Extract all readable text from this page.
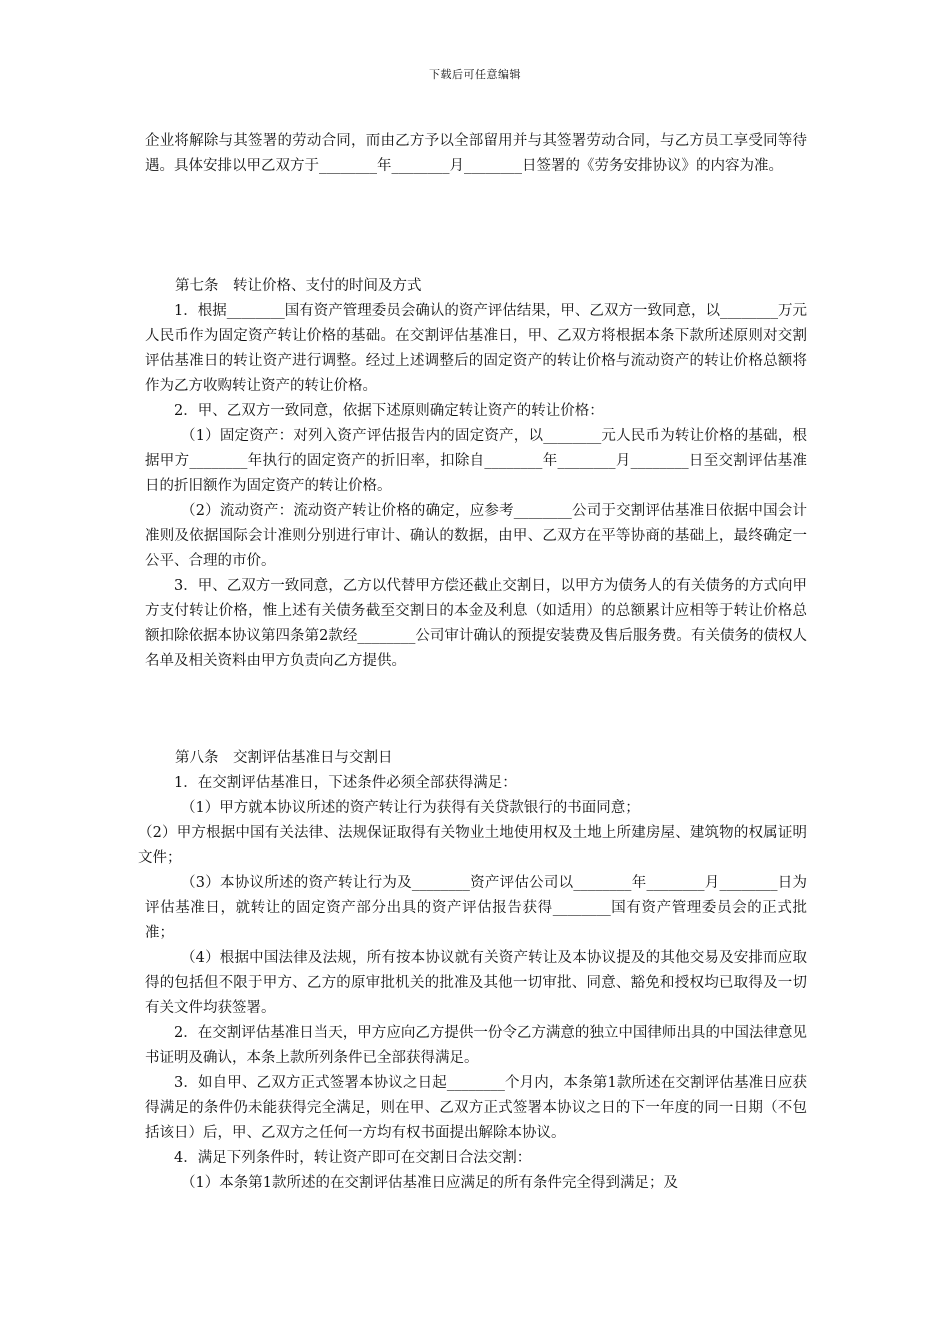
下载后可任意编辑

企业将解除与其签署的劳动合同，而由乙方予以全部留用并与其签署劳动合同，与乙方员工享受同等待遇。具体安排以甲乙双方于________年________月________日签署的《劳务安排协议》的内容为准。

第七条　转让价格、支付的时间及方式

1．根据________国有资产管理委员会确认的资产评估结果，甲、乙双方一致同意，以________万元人民币作为固定资产转让价格的基础。在交割评估基准日，甲、乙双方将根据本条下款所述原则对交割评估基准日的转让资产进行调整。经过上述调整后的固定资产的转让价格与流动资产的转让价格总额将作为乙方收购转让资产的转让价格。

2．甲、乙双方一致同意，依据下述原则确定转让资产的转让价格：

（1）固定资产：对列入资产评估报告内的固定资产，以________元人民币为转让价格的基础，根据甲方________年执行的固定资产的折旧率，扣除自________年________月________日至交割评估基准日的折旧额作为固定资产的转让价格。

（2）流动资产：流动资产转让价格的确定，应参考________公司于交割评估基准日依据中国会计准则及依据国际会计准则分别进行审计、确认的数据，由甲、乙双方在平等协商的基础上，最终确定一公平、合理的市价。

3．甲、乙双方一致同意，乙方以代替甲方偿还截止交割日，以甲方为债务人的有关债务的方式向甲方支付转让价格，惟上述有关债务截至交割日的本金及利息（如适用）的总额累计应相等于转让价格总额扣除依据本协议第四条第2款经________公司审计确认的预提安装费及售后服务费。有关债务的债权人名单及相关资料由甲方负责向乙方提供。

第八条　交割评估基准日与交割日

1．在交割评估基准日，下述条件必须全部获得满足：

（1）甲方就本协议所述的资产转让行为获得有关贷款银行的书面同意；

（2）甲方根据中国有关法律、法规保证取得有关物业土地使用权及土地上所建房屋、建筑物的权属证明文件；

（3）本协议所述的资产转让行为及________资产评估公司以________年________月________日为评估基准日，就转让的固定资产部分出具的资产评估报告获得________国有资产管理委员会的正式批准；

（4）根据中国法律及法规，所有按本协议就有关资产转让及本协议提及的其他交易及安排而应取得的包括但不限于甲方、乙方的原审批机关的批准及其他一切审批、同意、豁免和授权均已取得及一切有关文件均获签署。

2．在交割评估基准日当天，甲方应向乙方提供一份令乙方满意的独立中国律师出具的中国法律意见书证明及确认，本条上款所列条件已全部获得满足。

3．如自甲、乙双方正式签署本协议之日起________个月内，本条第1款所述在交割评估基准日应获得满足的条件仍未能获得完全满足，则在甲、乙双方正式签署本协议之日的下一年度的同一日期（不包括该日）后，甲、乙双方之任何一方均有权书面提出解除本协议。

4．满足下列条件时，转让资产即可在交割日合法交割：

（1）本条第1款所述的在交割评估基准日应满足的所有条件完全得到满足；及
